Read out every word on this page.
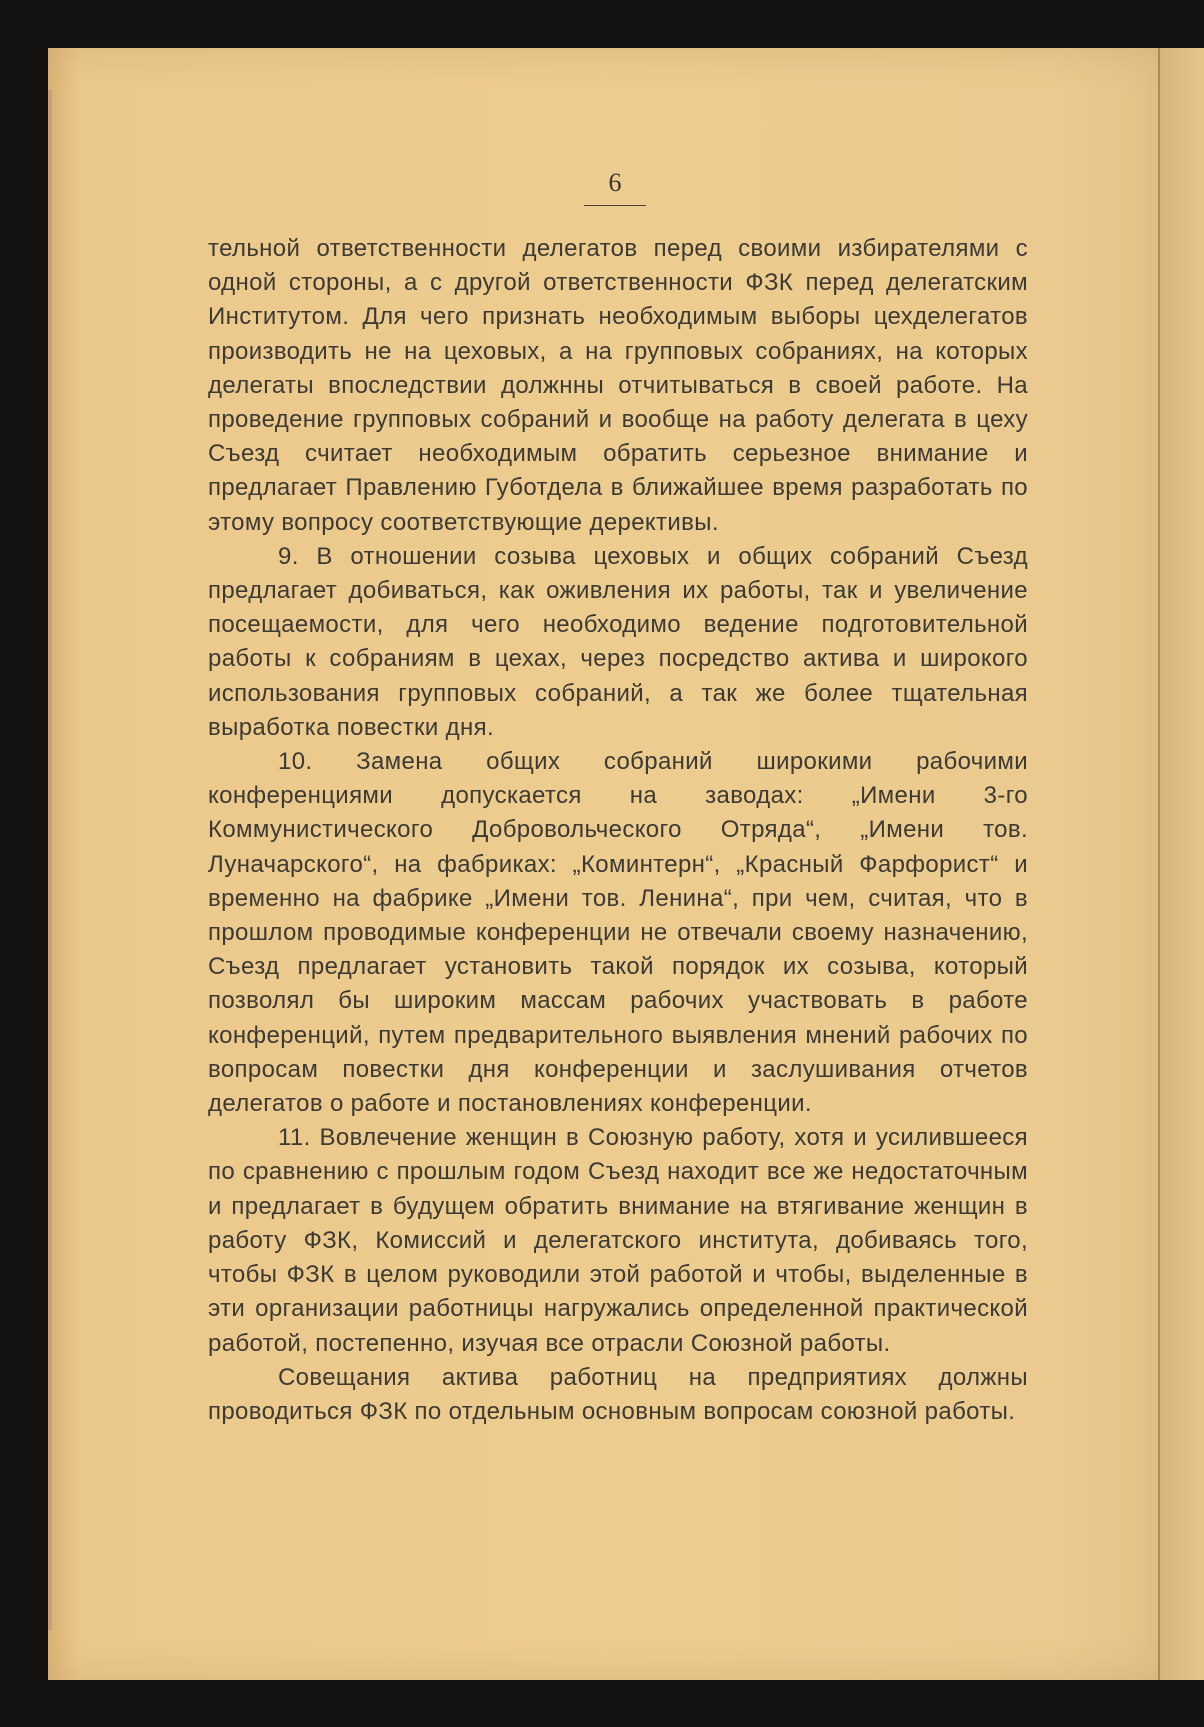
6

тельной ответственности делегатов перед своими избирателями с одной стороны, а с другой ответственности ФЗК перед делегатским Институтом. Для чего признать необходимым выборы цехделегатов производить не на цеховых, а на групповых собраниях, на которых делегаты впоследствии должнны отчитываться в своей работе. На проведение групповых собраний и вообще на работу делегата в цеху Съезд считает необходимым обратить серьезное внимание и предлагает Правлению Губотдела в ближайшее время разработать по этому вопросу соответствующие дерективы.

9. В отношении созыва цеховых и общих собраний Съезд предлагает добиваться, как оживления их работы, так и увеличение посещаемости, для чего необходимо ведение подготовительной работы к собраниям в цехах, через посредство актива и широкого использования групповых собраний, а так же более тщательная выработка повестки дня.

10. Замена общих собраний широкими рабочими конференциями допускается на заводах: „Имени 3-го Коммунистического Добровольческого Отряда“, „Имени тов. Луначарского“, на фабриках: „Коминтерн“, „Красный Фарфорист“ и временно на фабрике „Имени тов. Ленина“, при чем, считая, что в прошлом проводимые конференции не отвечали своему назначению, Съезд предлагает установить такой порядок их созыва, который позволял бы широким массам рабочих участвовать в работе конференций, путем предварительного выявления мнений рабочих по вопросам повестки дня конференции и заслушивания отчетов делегатов о работе и постановлениях конференции.

11. Вовлечение женщин в Союзную работу, хотя и усилившееся по сравнению с прошлым годом Съезд находит все же недостаточным и предлагает в будущем обратить внимание на втягивание женщин в работу ФЗК, Комиссий и делегатского института, добиваясь того, чтобы ФЗК в целом руководили этой работой и чтобы, выделенные в эти организации работницы нагружались определенной практической работой, постепенно, изучая все отрасли Союзной работы.

Совещания актива работниц на предприятиях должны проводиться ФЗК по отдельным основным вопросам союзной работы.
